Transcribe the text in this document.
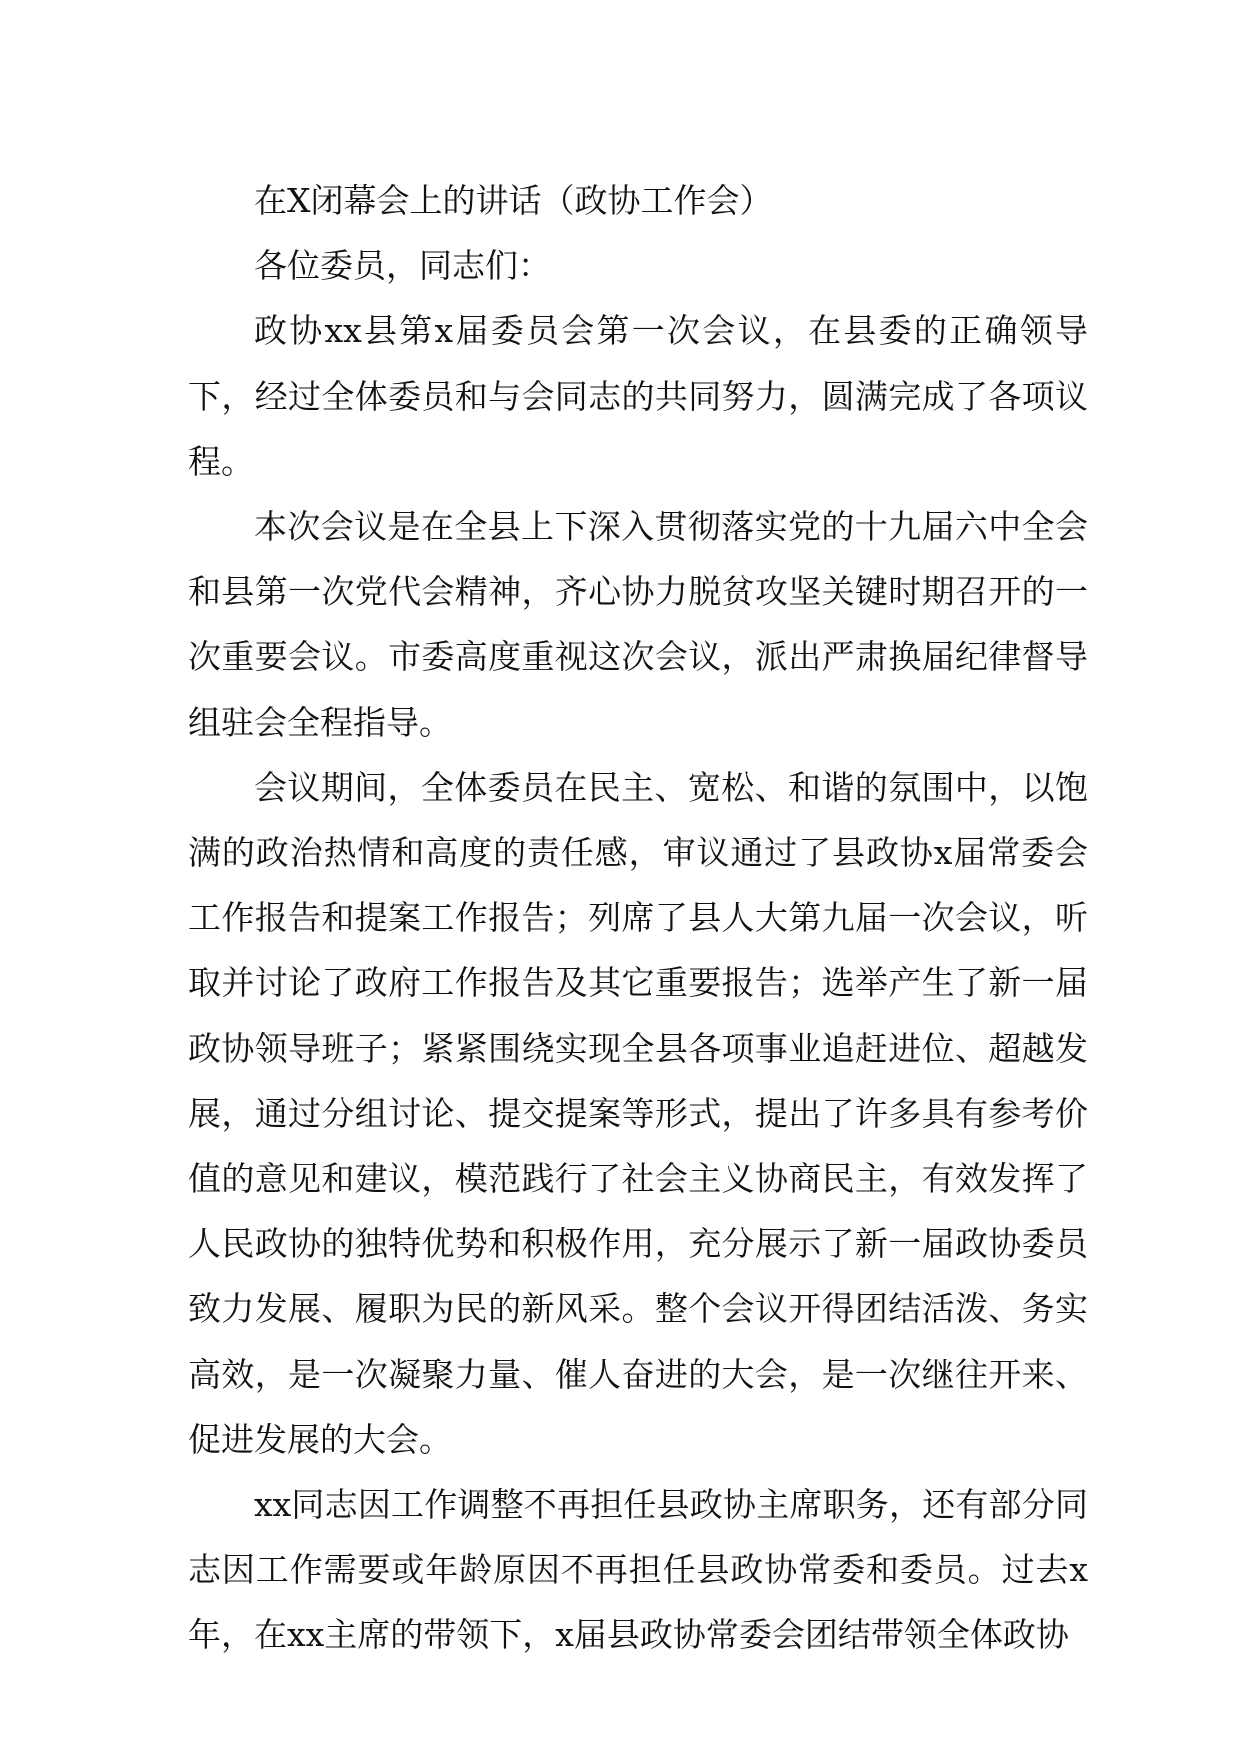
在X闭幕会上的讲话（政协工作会）

各位委员，同志们：

政协xx县第x届委员会第一次会议，在县委的正确领导下，经过全体委员和与会同志的共同努力，圆满完成了各项议程。

本次会议是在全县上下深入贯彻落实党的十九届六中全会和县第一次党代会精神，齐心协力脱贫攻坚关键时期召开的一次重要会议。市委高度重视这次会议，派出严肃换届纪律督导组驻会全程指导。

会议期间，全体委员在民主、宽松、和谐的氛围中，以饱满的政治热情和高度的责任感，审议通过了县政协x届常委会工作报告和提案工作报告；列席了县人大第九届一次会议，听取并讨论了政府工作报告及其它重要报告；选举产生了新一届政协领导班子；紧紧围绕实现全县各项事业追赶进位、超越发展，通过分组讨论、提交提案等形式，提出了许多具有参考价值的意见和建议，模范践行了社会主义协商民主，有效发挥了人民政协的独特优势和积极作用，充分展示了新一届政协委员致力发展、履职为民的新风采。整个会议开得团结活泼、务实高效，是一次凝聚力量、催人奋进的大会，是一次继往开来、促进发展的大会。

xx同志因工作调整不再担任县政协主席职务，还有部分同志因工作需要或年龄原因不再担任县政协常委和委员。过去x年，在xx主席的带领下，x届县政协常委会团结带领全体政协
